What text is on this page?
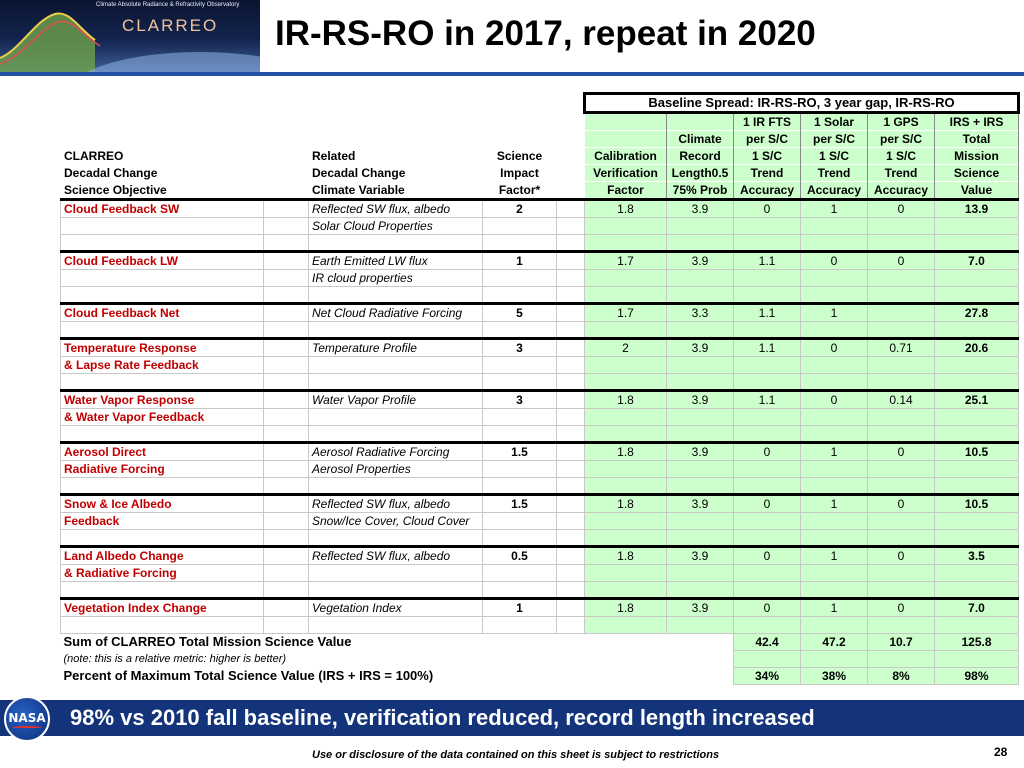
Climate Absolute Radiance & Refractivity Observatory
CLARREO IR-RS-RO in 2017, repeat in 2020
					Baseline Spread: IR-RS-RO, 3 year gap, IR-RS-RO					
							1 IR FTS	1 Solar	1 GPS	IRS + IRS
						Climate	per S/C	per S/C	per S/C	Total
CLARREO		Related	Science		Calibration	Record	1 S/C	1 S/C	1 S/C	Mission
Decadal Change		Decadal Change	Impact		Verification	Length0.5	Trend	Trend	Trend	Science
Science Objective		Climate Variable	Factor*		Factor	75% Prob	Accuracy	Accuracy	Accuracy	Value
Cloud Feedback SW		Reflected SW flux, albedo	2		1.8	3.9	0	1	0	13.9
		Solar Cloud Properties								

Cloud Feedback LW		Earth Emitted LW flux	1		1.7	3.9	1.1	0	0	7.0
		IR cloud properties								

Cloud Feedback Net		Net Cloud Radiative Forcing	5		1.7	3.3	1.1	1		27.8

Temperature Response		Temperature Profile	3		2	3.9	1.1	0	0.71	20.6
& Lapse Rate Feedback										

Water Vapor Response		Water Vapor Profile	3		1.8	3.9	1.1	0	0.14	25.1
& Water Vapor Feedback										

Aerosol Direct		Aerosol Radiative Forcing	1.5		1.8	3.9	0	1	0	10.5
Radiative Forcing		Aerosol Properties								

Snow & Ice Albedo		Reflected SW flux, albedo	1.5		1.8	3.9	0	1	0	10.5
Feedback		Snow/Ice Cover, Cloud Cover								

Land Albedo Change		Reflected SW flux, albedo	0.5		1.8	3.9	0	1	0	3.5
& Radiative Forcing										

Vegetation Index Change		Vegetation Index	1		1.8	3.9	0	1	0	7.0

Sum of CLARREO Total Mission Science Value							42.4	47.2	10.7	125.8
(note: this is a relative metric: higher is better)										
Percent of Maximum Total Science Value (IRS + IRS = 100%)							34%	38%	8%	98%
98% vs 2010 fall baseline, verification reduced, record length increased
NASA
Use or disclosure of the data contained on this sheet is subject to restrictions	28
